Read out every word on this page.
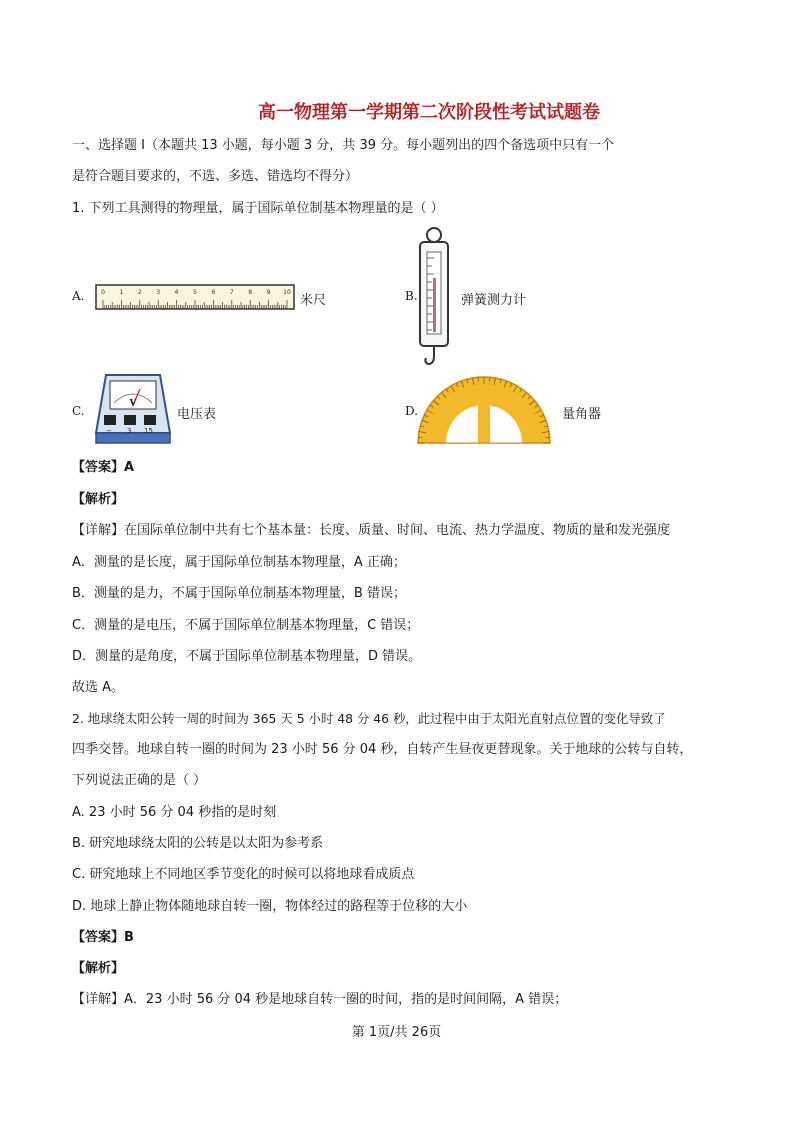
高一物理第一学期第二次阶段性考试试题卷
一、选择题 I（本题共 13 小题，每小题 3 分，共 39 分。每小题列出的四个备选项中只有一个
是符合题目要求的，不选、多选、错选均不得分）
1. 下列工具测得的物理量，属于国际单位制基本物理量的是（ ）
A.	0 1 2 3 4 5 6 7 8 9 10
米尺	B.	弹簧测力计
C.	V
− 3 15
电压表	D.	量角器
【答案】A
【解析】
【详解】在国际单位制中共有七个基本量：长度、质量、时间、电流、热力学温度、物质的量和发光强度
A．测量的是长度，属于国际单位制基本物理量，A 正确；
B．测量的是力，不属于国际单位制基本物理量，B 错误；
C．测量的是电压，不属于国际单位制基本物理量，C 错误；
D．测量的是角度，不属于国际单位制基本物理量，D 错误。
故选 A。
2. 地球绕太阳公转一周的时间为 365 天 5 小时 48 分 46 秒，此过程中由于太阳光直射点位置的变化导致了
四季交替。地球自转一圈的时间为 23 小时 56 分 04 秒，自转产生昼夜更替现象。关于地球的公转与自转，
下列说法正确的是（ ）
A. 23 小时 56 分 04 秒指的是时刻
B. 研究地球绕太阳的公转是以太阳为参考系
C. 研究地球上不同地区季节变化的时候可以将地球看成质点
D. 地球上静止物体随地球自转一圈，物体经过的路程等于位移的大小
【答案】B
【解析】
【详解】A．23 小时 56 分 04 秒是地球自转一圈的时间，指的是时间间隔，A 错误；
第 1页/共 26页
